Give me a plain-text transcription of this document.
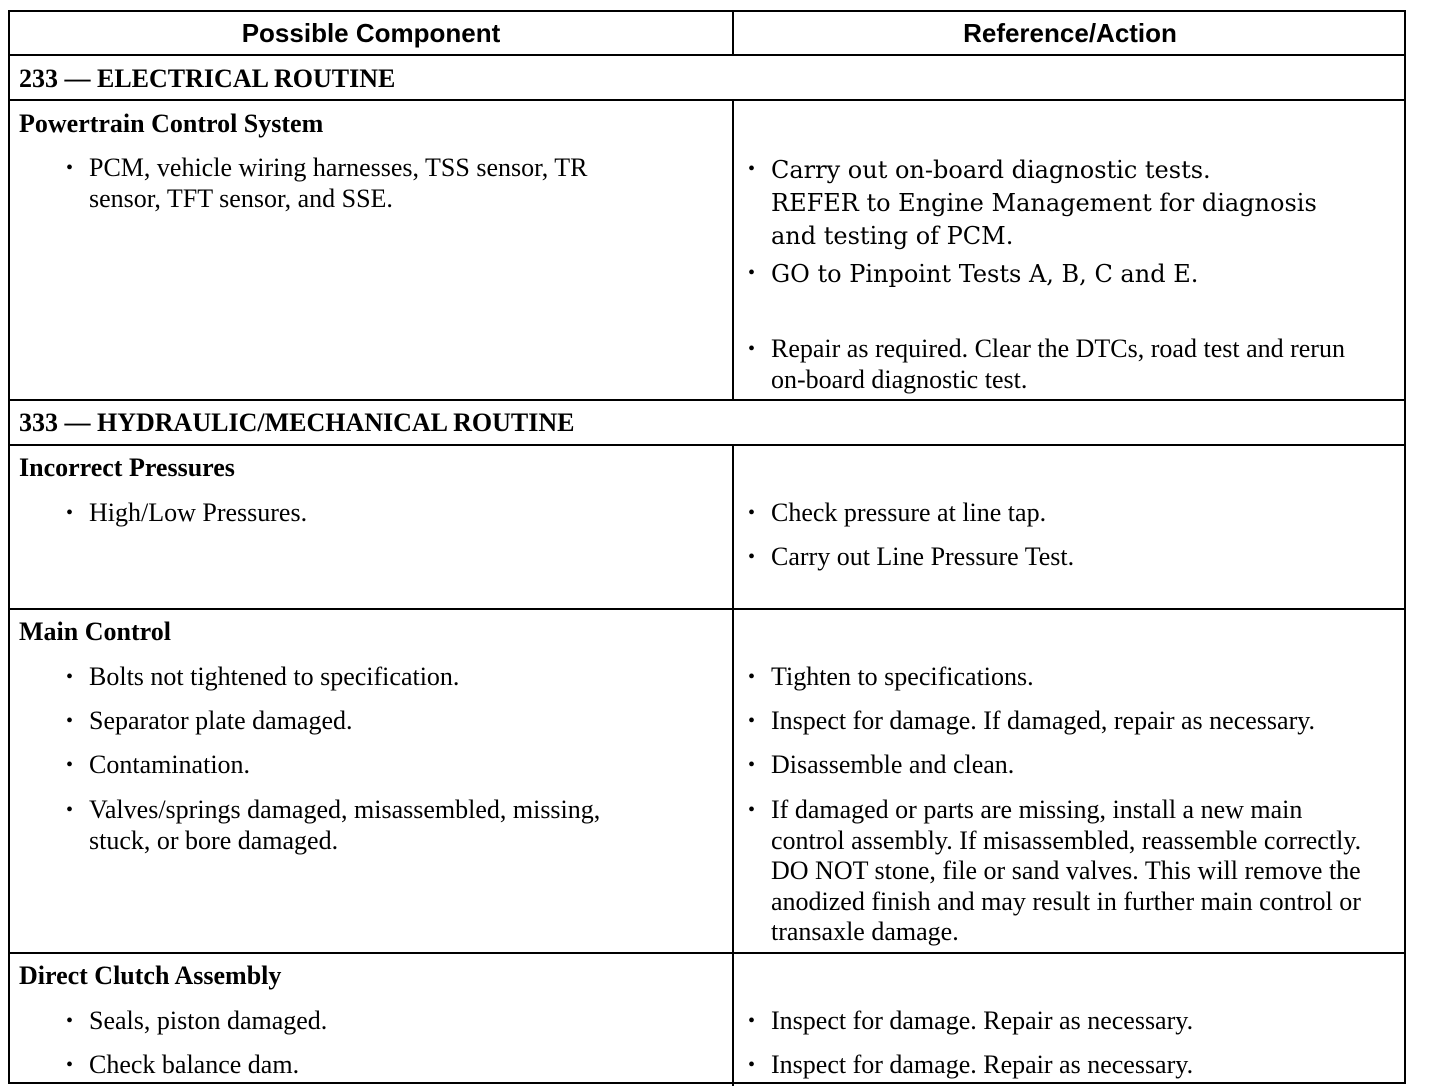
Possible Component	Reference/Action
233 — ELECTRICAL ROUTINE
Powertrain Control System
• PCM, vehicle wiring harnesses, TSS sensor, TR sensor, TFT sensor, and SSE.
• Carry out on-board diagnostic tests.
REFER to Engine Management for diagnosis
and testing of PCM.
• GO to Pinpoint Tests A, B, C and E.
• Repair as required. Clear the DTCs, road test and rerun on-board diagnostic test.
333 — HYDRAULIC/MECHANICAL ROUTINE
Incorrect Pressures
• High/Low Pressures.	• Check pressure at line tap.
• Carry out Line Pressure Test.
Main Control
• Bolts not tightened to specification.
• Separator plate damaged.
• Contamination.
• Valves/springs damaged, misassembled, missing, stuck, or bore damaged.
• Tighten to specifications.
• Inspect for damage. If damaged, repair as necessary.
• Disassemble and clean.
• If damaged or parts are missing, install a new main control assembly. If misassembled, reassemble correctly. DO NOT stone, file or sand valves. This will remove the anodized finish and may result in further main control or transaxle damage.
Direct Clutch Assembly
• Seals, piston damaged.
• Check balance dam.
• Inspect for damage. Repair as necessary.
• Inspect for damage. Repair as necessary.
